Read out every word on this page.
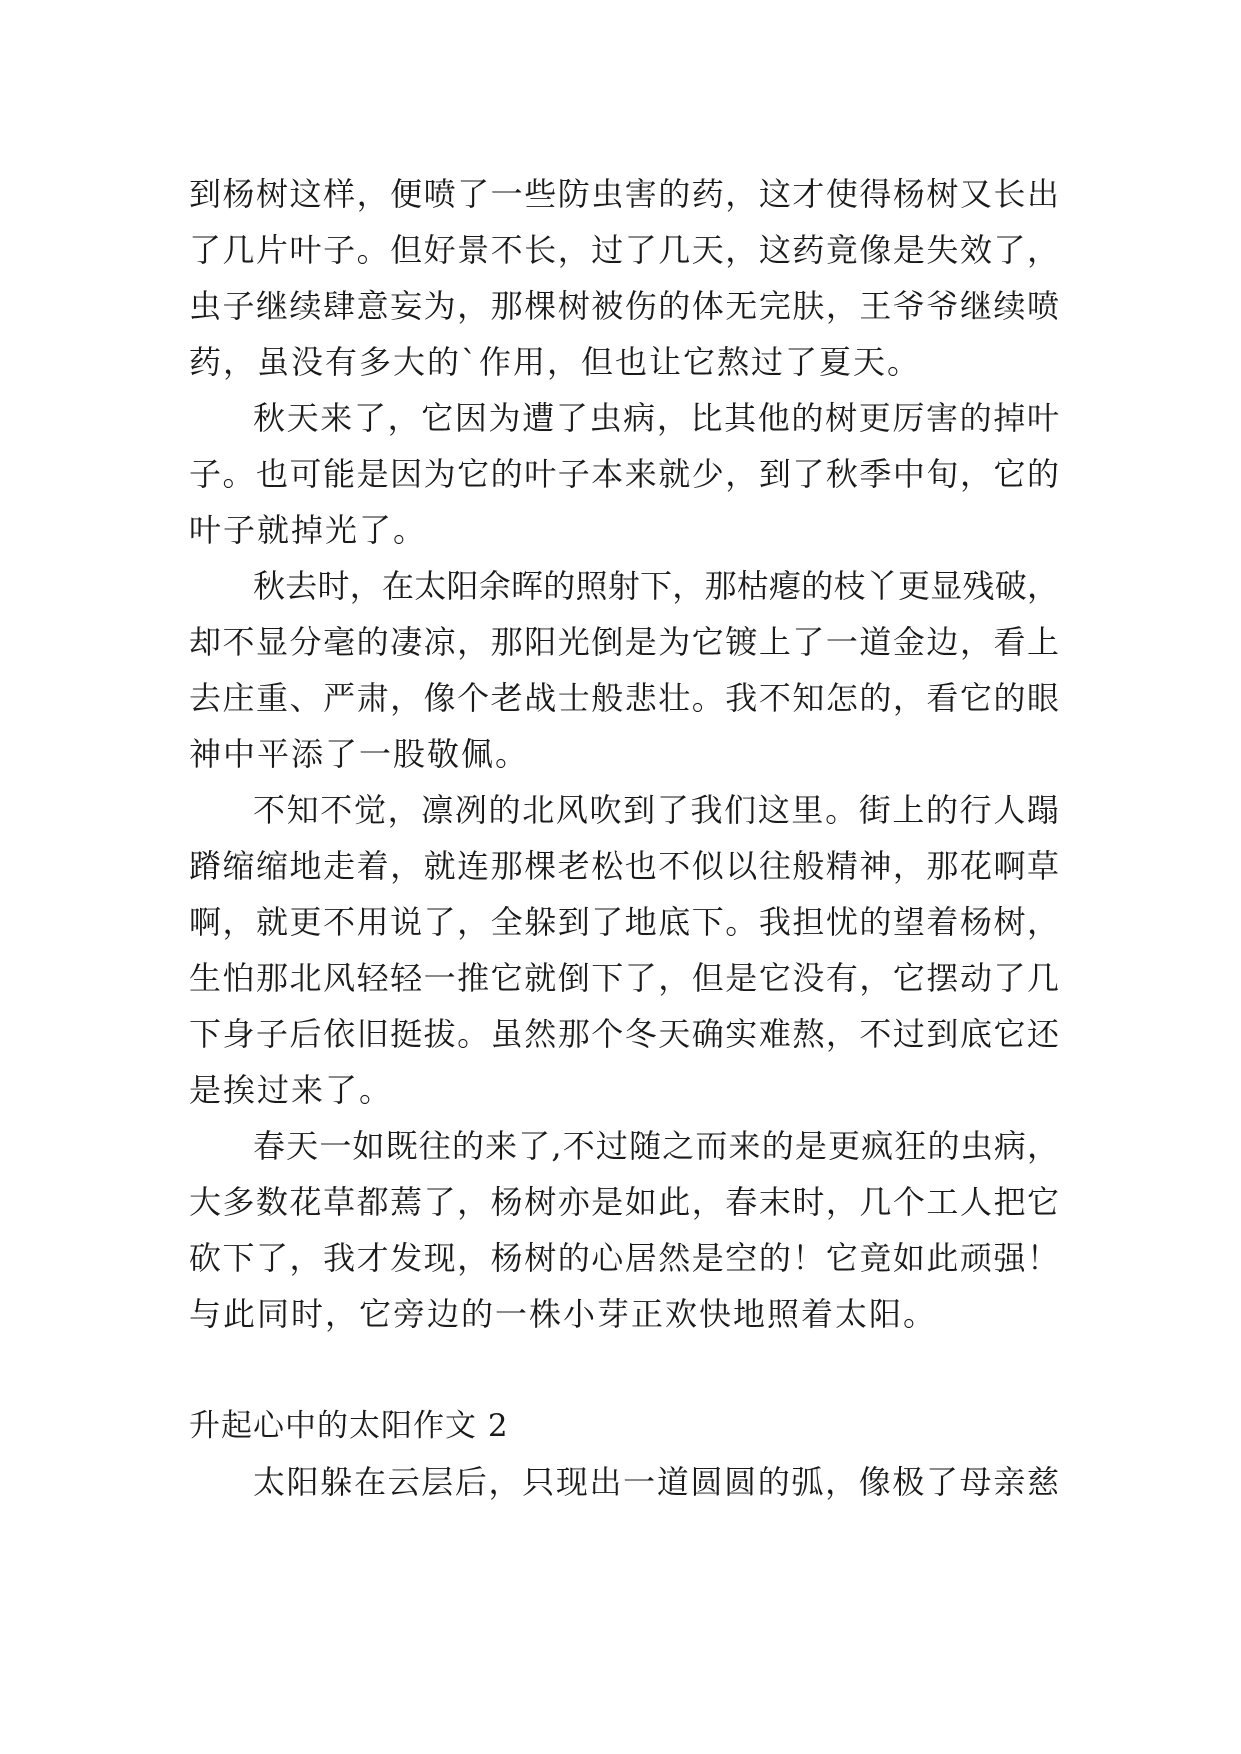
到杨树这样，便喷了一些防虫害的药，这才使得杨树又长出
了几片叶子。但好景不长，过了几天，这药竟像是失效了，
虫子继续肆意妄为，那棵树被伤的体无完肤，王爷爷继续喷
药，虽没有多大的`作用，但也让它熬过了夏天。
秋天来了，它因为遭了虫病，比其他的树更厉害的掉叶
子。也可能是因为它的叶子本来就少，到了秋季中旬，它的
叶子就掉光了。
秋去时，在太阳余晖的照射下，那枯瘪的枝丫更显残破，
却不显分毫的凄凉，那阳光倒是为它镀上了一道金边，看上
去庄重、严肃，像个老战士般悲壮。我不知怎的，看它的眼
神中平添了一股敬佩。
不知不觉，凛冽的北风吹到了我们这里。街上的行人蹋
蹐缩缩地走着，就连那棵老松也不似以往般精神，那花啊草
啊，就更不用说了，全躲到了地底下。我担忧的望着杨树，
生怕那北风轻轻一推它就倒下了，但是它没有，它摆动了几
下身子后依旧挺拔。虽然那个冬天确实难熬，不过到底它还
是挨过来了。
春天一如既往的来了,不过随之而来的是更疯狂的虫病，
大多数花草都蔫了，杨树亦是如此，春末时，几个工人把它
砍下了，我才发现，杨树的心居然是空的！它竟如此顽强！
与此同时，它旁边的一株小芽正欢快地照着太阳。
升起心中的太阳作文 2
太阳躲在云层后，只现出一道圆圆的弧，像极了母亲慈
